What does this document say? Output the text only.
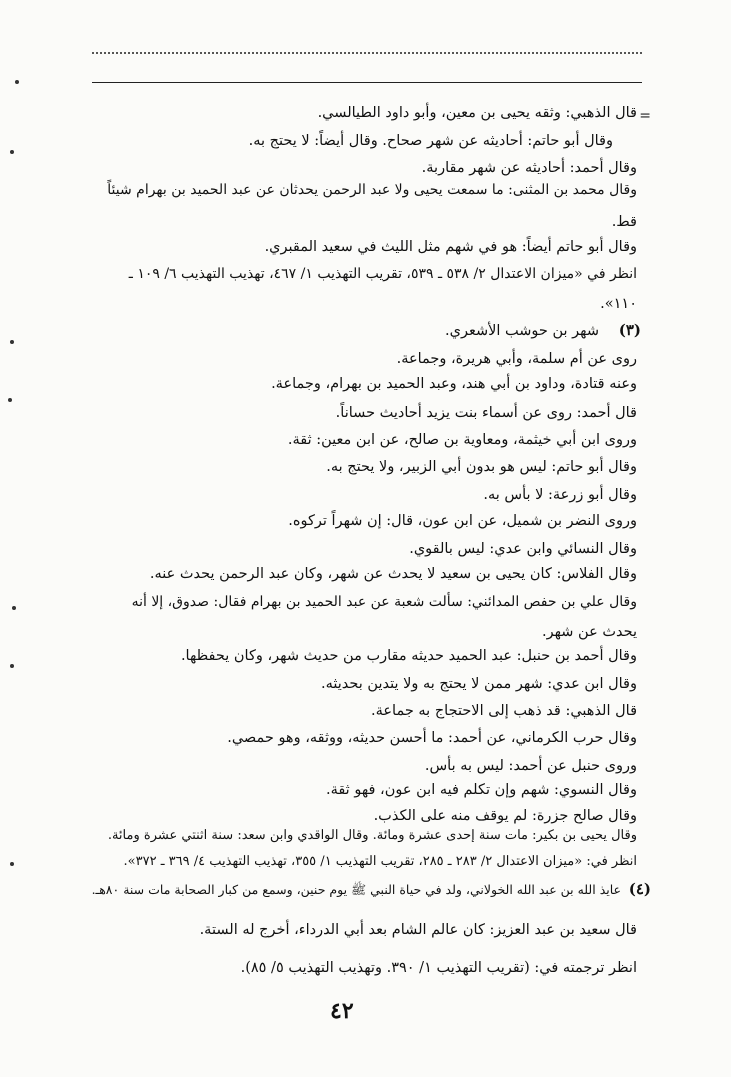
=
قال الذهبي: وثقه يحيى بن معين، وأبو داود الطيالسي.
وقال أبو حاتم: أحاديثه عن شهر صحاح. وقال أيضاً: لا يحتج به.
وقال أحمد: أحاديثه عن شهر مقاربة.
وقال محمد بن المثنى: ما سمعت يحيى ولا عبد الرحمن يحدثان عن عبد الحميد بن بهرام شيئاً
قط.
وقال أبو حاتم أيضاً: هو في شهم مثل الليث في سعيد المقبري.
انظر في «ميزان الاعتدال ٢/ ٥٣٨ ـ ٥٣٩، تقريب التهذيب ١/ ٤٦٧، تهذيب التهذيب ٦/ ١٠٩ ـ
١١٠».
(٣)
شهر بن حوشب الأشعري.
روى عن أم سلمة، وأبي هريرة، وجماعة.
وعنه قتادة، وداود بن أبي هند، وعبد الحميد بن بهرام، وجماعة.
قال أحمد: روى عن أسماء بنت يزيد أحاديث حساناً.
وروى ابن أبي خيثمة، ومعاوية بن صالح، عن ابن معين: ثقة.
وقال أبو حاتم: ليس هو بدون أبي الزبير، ولا يحتج به.
وقال أبو زرعة: لا بأس به.
وروى النضر بن شميل، عن ابن عون، قال: إن شهراً تركوه.
وقال النسائي وابن عدي: ليس بالقوي.
وقال الفلاس: كان يحيى بن سعيد لا يحدث عن شهر، وكان عبد الرحمن يحدث عنه.
وقال علي بن حفص المدائني: سألت شعبة عن عبد الحميد بن بهرام فقال: صدوق، إلا أنه
يحدث عن شهر.
وقال أحمد بن حنبل: عبد الحميد حديثه مقارب من حديث شهر، وكان يحفظها.
وقال ابن عدي: شهر ممن لا يحتج به ولا يتدين بحديثه.
قال الذهبي: قد ذهب إلى الاحتجاج به جماعة.
وقال حرب الكرماني، عن أحمد: ما أحسن حديثه، ووثقه، وهو حمصي.
وروى حنبل عن أحمد: ليس به بأس.
وقال النسوي: شهم وإن تكلم فيه ابن عون، فهو ثقة.
وقال صالح جزرة: لم يوقف منه على الكذب.
وقال يحيى بن بكير: مات سنة إحدى عشرة ومائة. وقال الواقدي وابن سعد: سنة اثنتي عشرة ومائة.
انظر في: «ميزان الاعتدال ٢/ ٢٨٣ ـ ٢٨٥، تقريب التهذيب ١/ ٣٥٥، تهذيب التهذيب ٤/ ٣٦٩ ـ ٣٧٢».
(٤)
عايذ الله بن عبد الله الخولاني، ولد في حياة النبي ﷺ يوم حنين، وسمع من كبار الصحابة مات سنة ٨٠هـ.
قال سعيد بن عبد العزيز: كان عالم الشام بعد أبي الدرداء، أخرج له الستة.
انظر ترجمته في: (تقريب التهذيب ١/ ٣٩٠. وتهذيب التهذيب ٥/ ٨٥).
٤٢
